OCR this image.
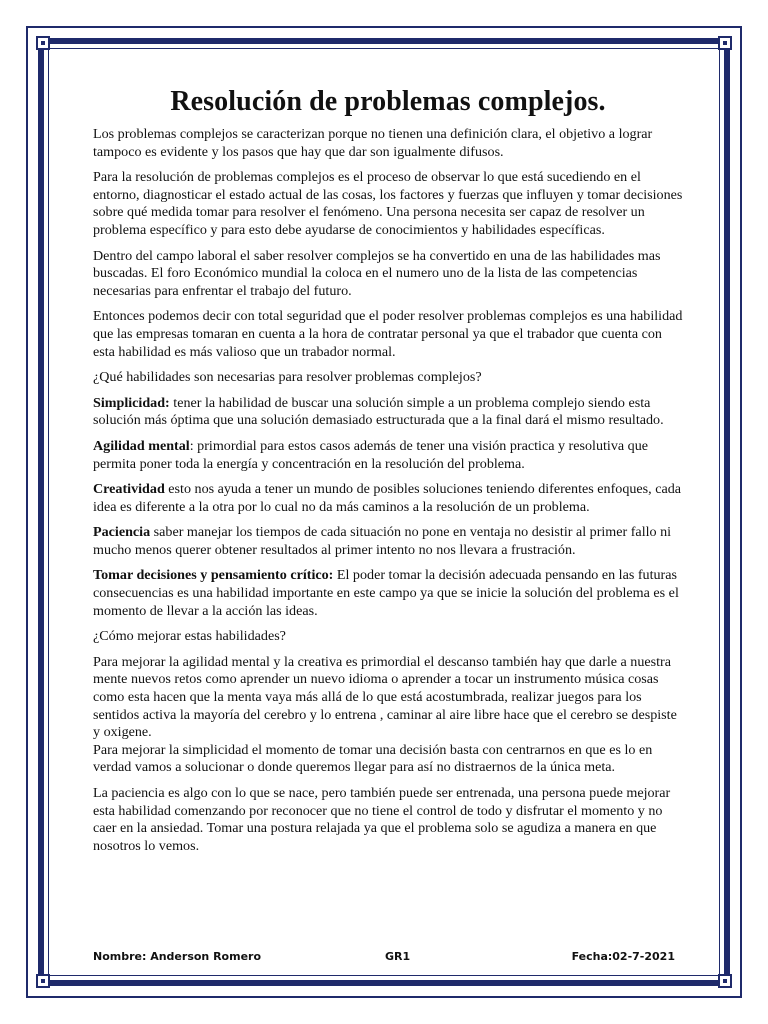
Resolución de problemas complejos.

Los problemas complejos se caracterizan porque no tienen una definición clara, el objetivo a lograr tampoco es evidente y los pasos que hay que dar son igualmente difusos.

Para la resolución de problemas complejos es el proceso de observar lo que está sucediendo en el entorno, diagnosticar el estado actual de las cosas, los factores y fuerzas que influyen y tomar decisiones sobre qué medida tomar para resolver el fenómeno. Una persona necesita ser capaz de resolver un problema específico y para esto debe ayudarse de conocimientos y habilidades específicas.

Dentro del campo laboral el saber resolver complejos se ha convertido en una de las habilidades mas buscadas. El foro Económico mundial la coloca en el numero uno de la lista de las competencias necesarias para enfrentar el trabajo del futuro.

Entonces podemos decir con total seguridad que el poder resolver problemas complejos es una habilidad que las empresas tomaran en cuenta a la hora de contratar personal ya que el trabador que cuenta con esta habilidad es más valioso que un trabador normal.

¿Qué habilidades son necesarias para resolver problemas complejos?

Simplicidad: tener la habilidad de buscar una solución simple a un problema complejo siendo esta solución más óptima que una solución demasiado estructurada que a la final dará el mismo resultado.

Agilidad mental: primordial para estos casos además de tener una visión practica y resolutiva que permita poner toda la energía y concentración en la resolución del problema.

Creatividad esto nos ayuda a tener un mundo de posibles soluciones teniendo diferentes enfoques, cada idea es diferente a la otra por lo cual no da más caminos a la resolución de un problema.

Paciencia saber manejar los tiempos de cada situación no pone en ventaja no desistir al primer fallo ni mucho menos querer obtener resultados al primer intento no nos llevara a frustración.

Tomar decisiones y pensamiento crítico: El poder tomar la decisión adecuada pensando en las futuras consecuencias es una habilidad importante en este campo ya que se inicie la solución del problema es el momento de llevar a la acción las ideas.

¿Cómo mejorar estas habilidades?

Para mejorar la agilidad mental y la creativa es primordial el descanso también hay que darle a nuestra mente nuevos retos como aprender un nuevo idioma o aprender a tocar un instrumento música cosas como esta hacen que la menta vaya más allá de lo que está acostumbrada, realizar juegos para los sentidos activa la mayoría del cerebro y lo entrena , caminar al aire libre hace que el cerebro se despiste y oxigene.

Para mejorar la simplicidad el momento de tomar una decisión basta con centrarnos en que es lo en verdad vamos a solucionar o donde queremos llegar para así no distraernos de la única meta.

La paciencia es algo con lo que se nace, pero también puede ser entrenada, una persona puede mejorar esta habilidad comenzando por reconocer que no tiene el control de todo y disfrutar el momento y no caer en la ansiedad. Tomar una postura relajada ya que el problema solo se agudiza a manera en que nosotros lo vemos.

Nombre: Anderson Romero	GR1	Fecha:02-7-2021
